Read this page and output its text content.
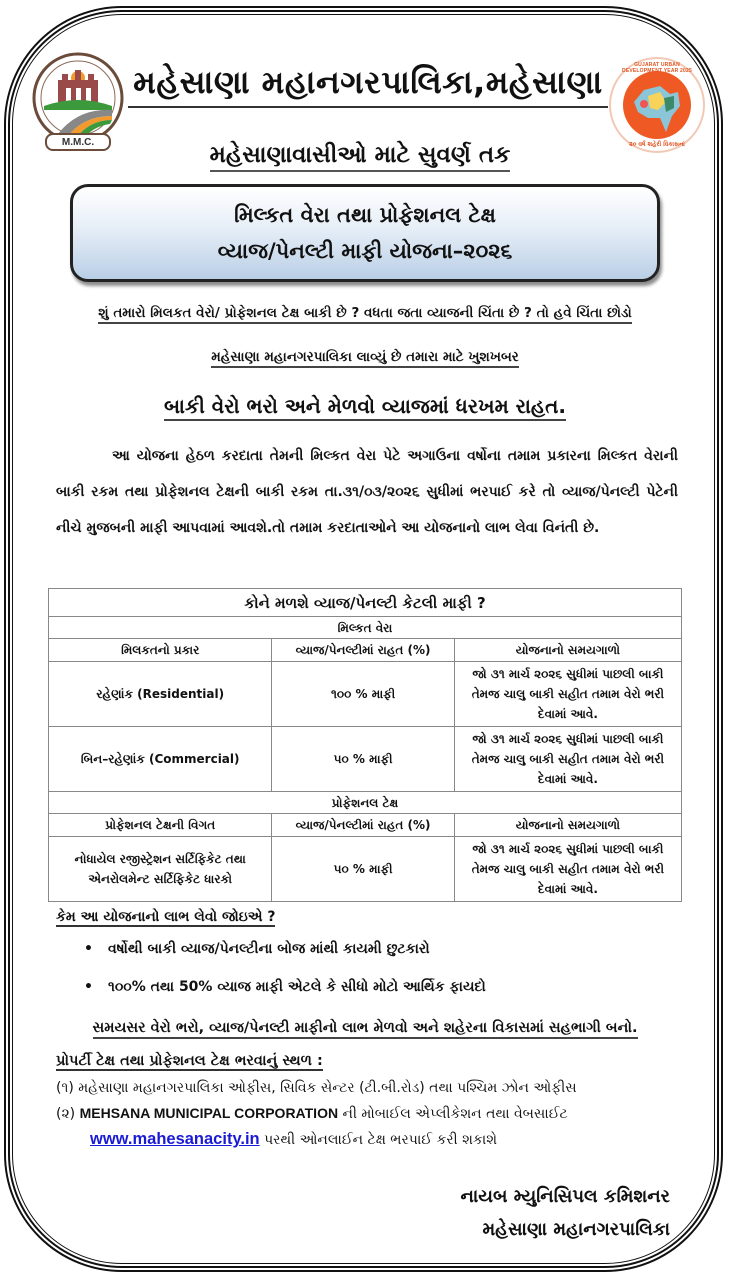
M.M.C.
મહેસાણા મહાનગરપાલિકા,મહેસાણા	GUJARAT URBAN DEVELOPMENT YEAR 2025
૨૦ વર્ષ શહેરી વિકાસનાં
મહેસાણાવાસીઓ માટે સુવર્ણ તક
મિલ્કત વેરા તથા પ્રોફેશનલ ટેક્ષ
વ્યાજ/પેનલ્ટી માફી યોજના–૨૦૨૬
શું તમારો મિલકત વેરો/ પ્રોફેશનલ ટેક્ષ બાકી છે ? વધતા જતા વ્યાજની ચિંતા છે ? તો હવે ચિંતા છોડો
મહેસાણા મહાનગરપાલિકા લાવ્યું છે તમારા માટે ખુશખબર
બાકી વેરો ભરો અને મેળવો વ્યાજમાં ધરખમ રાહત.
આ યોજના હેઠળ કરદાતા તેમની મિલ્કત વેરા પેટે અગાઉના વર્ષોના તમામ પ્રકારના મિલ્કત વેરાની બાકી રકમ તથા પ્રોફેશનલ ટેક્ષની બાકી રકમ તા.૩૧/૦૩/૨૦૨૬ સુધીમાં ભરપાઈ કરે તો વ્યાજ/પેનલ્ટી પેટેની નીચે મુજબની માફી આપવામાં આવશે.તો તમામ કરદાતાઓને આ યોજનાનો લાભ લેવા વિનંતી છે.
કોને મળશે વ્યાજ/પેનલ્ટી કેટલી માફી ?		
મિલ્કત વેરા		
મિલકતનો પ્રકાર	વ્યાજ/પેનલ્ટીમાં રાહત (%)	યોજનાનો સમયગાળો
રહેણાંક (Residential)	૧૦૦ % માફી	જો ૩૧ માર્ચ ૨૦૨૬ સુધીમાં પાછલી બાકી તેમજ ચાલુ બાકી સહીત તમામ વેરો ભરી દેવામાં આવે.
બિન–રહેણાંક (Commercial)	૫૦ % માફી	જો ૩૧ માર્ચ ૨૦૨૬ સુધીમાં પાછલી બાકી તેમજ ચાલુ બાકી સહીત તમામ વેરો ભરી દેવામાં આવે.
પ્રોફેશનલ ટેક્ષ		
પ્રોફેશનલ ટેક્ષની વિગત	વ્યાજ/પેનલ્ટીમાં રાહત (%)	યોજનાનો સમયગાળો
નોધાયેલ રજીસ્ટ્રેશન સર્ટિફિકેટ તથા એનરોલમેન્ટ સર્ટિફિકેટ ધારકો	૫૦ % માફી	જો ૩૧ માર્ચ ૨૦૨૬ સુધીમાં પાછલી બાકી તેમજ ચાલુ બાકી સહીત તમામ વેરો ભરી દેવામાં આવે.
કેમ આ યોજનાનો લાભ લેવો જોઇએ ?
• વર્ષોથી બાકી વ્યાજ/પેનલ્ટીના બોજ માંથી કાયમી છુટકારો
• ૧૦૦% તથા 50% વ્યાજ માફી એટલે કે સીધો મોટો આર્થિક ફાયદો
સમયસર વેરો ભરો, વ્યાજ/પેનલ્ટી માફીનો લાભ મેળવો અને શહેરના વિકાસમાં સહભાગી બનો.
પ્રોપર્ટી ટેક્ષ તથા પ્રોફેશનલ ટેક્ષ ભરવાનું સ્થળ :
(૧) મહેસાણા મહાનગરપાલિકા ઓફીસ, સિવિક સેન્ટર (ટી.બી.રોડ) તથા પશ્ચિમ ઝોન ઓફીસ
(૨) MEHSANA MUNICIPAL CORPORATION ની મોબાઈલ એપ્લીકેશન તથા વેબસાઈટ
www.mahesanacity.in પરથી ઓનલાઈન ટેક્ષ ભરપાઈ કરી શકાશે
નાયબ મ્યુનિસિપલ કમિશનર
મહેસાણા મહાનગરપાલિકા
